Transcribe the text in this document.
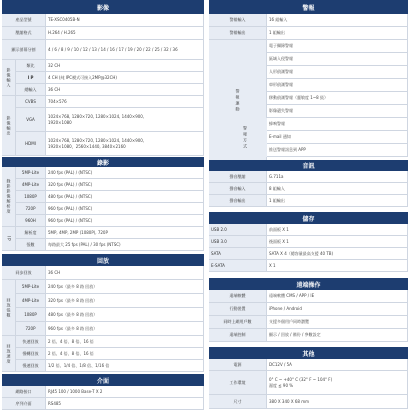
影像
產品型號	TE-XSC0405B-N
壓縮格式	H.264 / H.265
顯示螢幕分割	4 / 6 / 8 / 9 / 10 / 12 / 13 / 14 / 16 / 17 / 19 / 20 / 22 / 25 / 32 / 36
影像輸入
類比	32 CH
I P	4 CH (純 IPC模式可接入2MP@32CH)
總輸入	36 CH
影像輸出
CVBS	704×576
VGA
1024×768, 1280×720, 1280×1024, 1440×900,
1920×1080
HDMI
1024×768, 1280×720, 1280×1024, 1440×900,
1920×1080，2560×1440, 3840×2160
錄影
錄影影像解析度
5MP-Lite	240 fps (PAL) / (NTSC)
4MP-Lite	320 fps (PAL) / (NTSC)
1080P	480 fps (PAL) / (NTSC)
720P	960 fps (PAL) / (NTSC)
960H	960 fps (PAL) / (NTSC)
IP
解析度	5MP, 4MP, 2MP (1080P), 720P
張數	每路最大 25 fps (PAL) / 30 fps (NTSC)
回放
同步回放	36 CH
回放張數
5MP-Lite	240 fps（最多 8 路 回放）
4MP-Lite	320 fps（最多 8 路 回放）
1080P	480 fps（最多 8 路 回放）
720P	960 fps（最多 8 路 回放）
回放速度
快速回放	2 倍、4 倍、8 倍、16 倍
慢轉回放	2 倍、4 倍、8 倍、16 倍
慢速回放	1/2 倍、1/4 倍、1/8 倍、1/16 倍
介面
網路接口	RJ45 100 / 1000 Base-T X 2
序列介面	RS485
警報
警報輸入	16 組輸入
警報輸出	1 組輸出
警報連動
電子攝錄警報
區域入侵警報
人形偵測警報
車形偵測警報
移動偵測警報（靈敏度 1~8 級）
影像遺失警報
蜂鳴警報
E-mail 通知
推送警報訊息到 APP
警報方式
音訊
聲音壓縮	G.711a
聲音輸入	8 組輸入
聲音輸出	1 組輸出
儲存
USB 2.0	前面板 X 1
USB 3.0	後面板 X 1
SATA	SATA X 4（總容量最高支援 40 TB)
E-SATA	X 1
遠端操作
遠端軟體	遠端軟體 CMS / APP / IE
行動裝置	iPhone / Android
同時上網用戶數	支援多個用戶同時瀏覽
遠端控制	顯示 / 回放 / 備份 / 參數設定
其他
電源	DC12V / 5A
工作環境
0° C ~ +40° C (32° F ~ 104° F)
濕度 ≦ 90 %
尺寸	380 X 340 X 68 mm
